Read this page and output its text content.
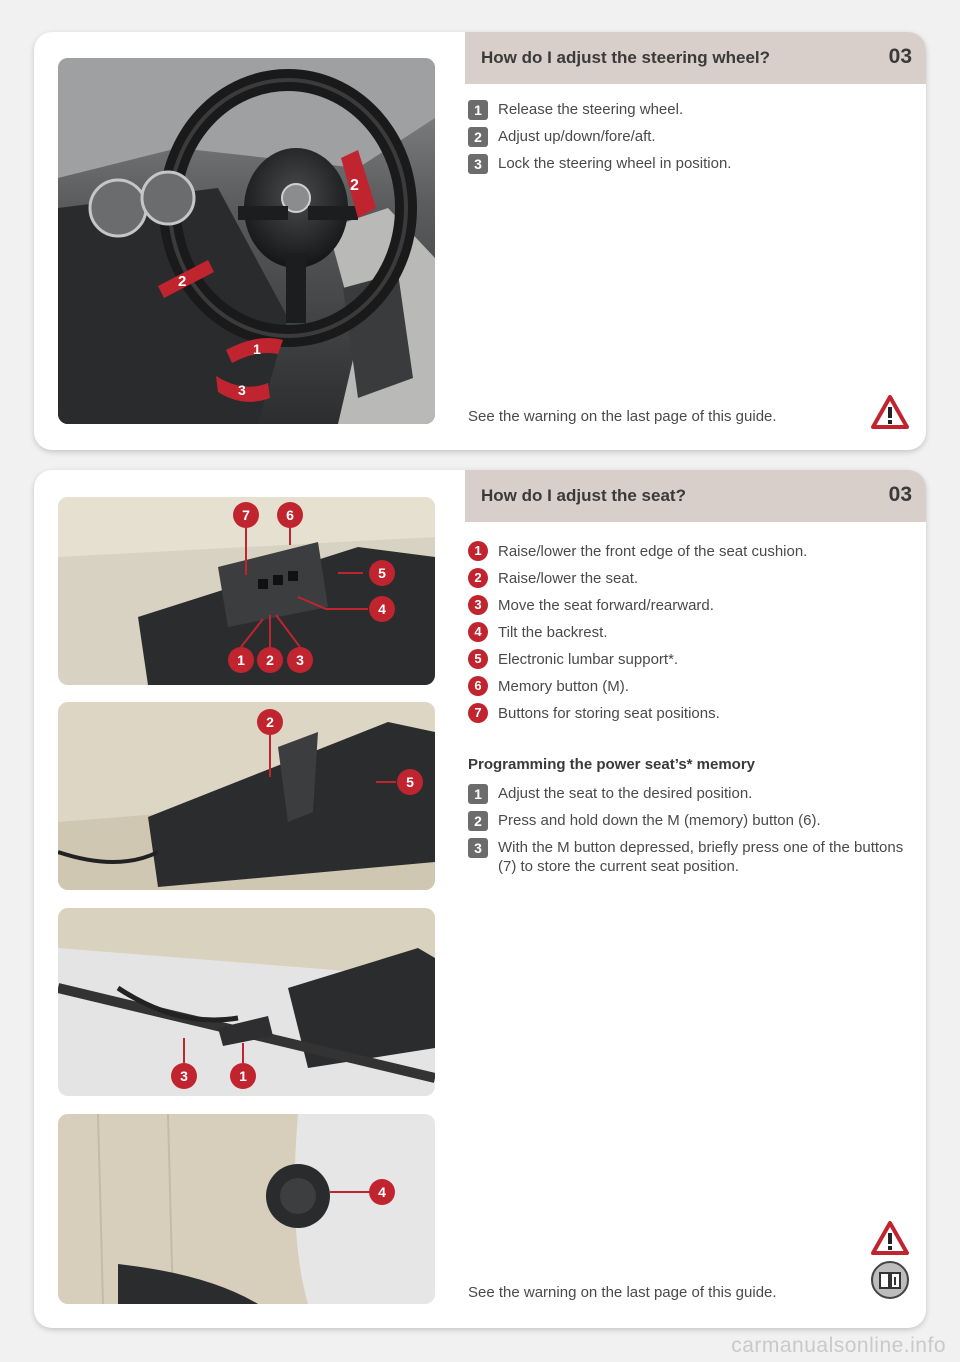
How do I adjust the steering wheel?	03
2
2
1
3
1	Release the steering wheel.
2	Adjust up/down/fore/aft.
3	Lock the steering wheel in position.
See the warning on the last page of this guide.
How do I adjust the seat?	03
7	6
5
4
1 2 3
2
5
3	1
4
1	Raise/lower the front edge of the seat cushion.
2	Raise/lower the seat.
3	Move the seat forward/rearward.
4	Tilt the backrest.
5	Electronic lumbar support*.
6	Memory button (M).
7	Buttons for storing seat positions.
Programming the power seat’s* memory
1	Adjust the seat to the desired position.
2	Press and hold down the M (memory) button (6).
3	With the M button depressed, briefly press one of the buttons (7) to store the current seat position.
See the warning on the last page of this guide.
carmanualsonline.info
